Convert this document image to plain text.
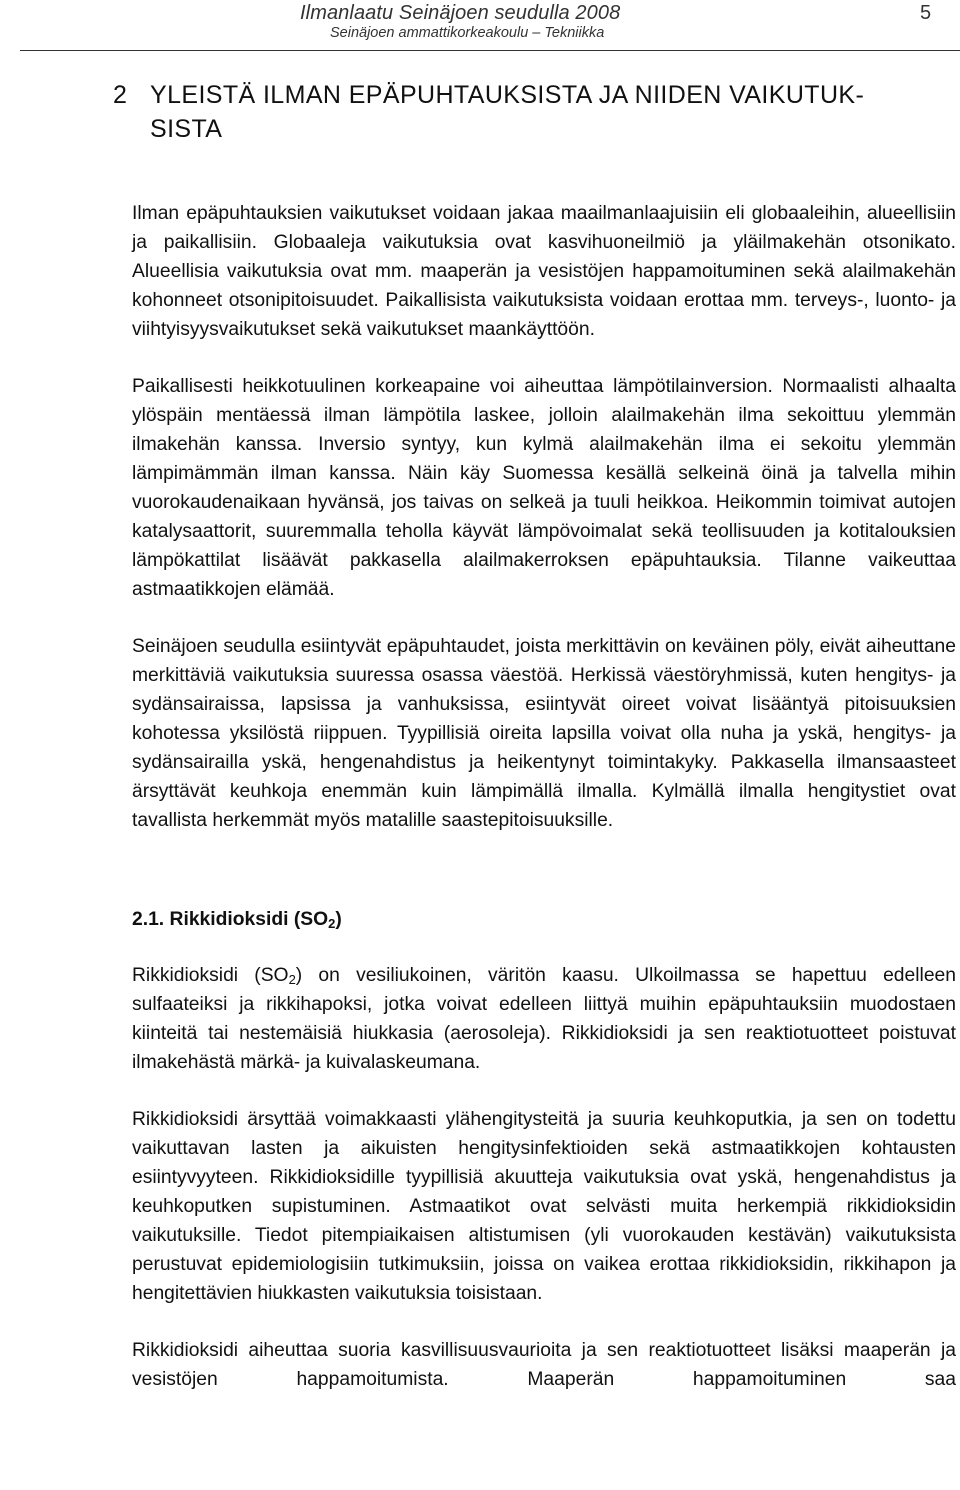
Ilmanlaatu Seinäjoen seudulla 2008
Seinäjoen ammattikorkeakoulu – Tekniikka
5
2 YLEISTÄ ILMAN EPÄPUHTAUKSISTA JA NIIDEN VAIKUTUK-
SISTA

Ilman epäpuhtauksien vaikutukset voidaan jakaa maailmanlaajuisiin eli globaaleihin, alueellisiin ja paikallisiin. Globaaleja vaikutuksia ovat kasvihuoneilmiö ja yläilmakehän otsonikato. Alueellisia vaikutuksia ovat mm. maaperän ja vesistöjen happamoituminen sekä alailmakehän kohonneet otsonipitoisuudet. Paikallisista vaikutuksista voidaan erottaa mm. terveys-, luonto- ja viihtyisyysvaikutukset sekä vaikutukset maankäyttöön.

Paikallisesti heikkotuulinen korkeapaine voi aiheuttaa lämpötilainversion. Normaalisti alhaalta ylöspäin mentäessä ilman lämpötila laskee, jolloin alailmakehän ilma sekoittuu ylemmän ilmakehän kanssa. Inversio syntyy, kun kylmä alailmakehän ilma ei sekoitu ylemmän lämpimämmän ilman kanssa. Näin käy Suomessa kesällä selkeinä öinä ja talvella mihin vuorokaudenaikaan hyvänsä, jos taivas on selkeä ja tuuli heikkoa. Heikommin toimivat autojen katalysaattorit, suuremmalla teholla käyvät lämpövoimalat sekä teollisuuden ja kotitalouksien lämpökattilat lisäävät pakkasella alailmakerroksen epäpuhtauksia. Tilanne vaikeuttaa astmaatikkojen elämää.

Seinäjoen seudulla esiintyvät epäpuhtaudet, joista merkittävin on keväinen pöly, eivät aiheuttane merkittäviä vaikutuksia suuressa osassa väestöä. Herkissä väestöryhmissä, kuten hengitys- ja sydänsairaissa, lapsissa ja vanhuksissa, esiintyvät oireet voivat lisääntyä pitoisuuksien kohotessa yksilöstä riippuen. Tyypillisiä oireita lapsilla voivat olla nuha ja yskä, hengitys- ja sydänsairailla yskä, hengenahdistus ja heikentynyt toimintakyky. Pakkasella ilmansaasteet ärsyttävät keuhkoja enemmän kuin lämpimällä ilmalla. Kylmällä ilmalla hengitystiet ovat tavallista herkemmät myös matalille saastepitoisuuksille.

2.1. Rikkidioksidi $(SO_2)$

Rikkidioksidi $(SO_2)$ on vesiliukoinen, väritön kaasu. Ulkoilmassa se hapettuu edelleen sulfaateiksi ja rikkihapoksi, jotka voivat edelleen liittyä muihin epäpuhtauksiin muodostaen kiinteitä tai nestemäisiä hiukkasia (aerosoleja). Rikkidioksidi ja sen reaktiotuotteet poistuvat ilmakehästä märkä- ja kuivalaskeumana.

Rikkidioksidi ärsyttää voimakkaasti ylähengitysteitä ja suuria keuhkoputkia, ja sen on todettu vaikuttavan lasten ja aikuisten hengitysinfektioiden sekä astmaatikkojen kohtausten esiintyvyyteen. Rikkidioksidille tyypillisiä akuutteja vaikutuksia ovat yskä, hengenahdistus ja keuhkoputken supistuminen. Astmaatikot ovat selvästi muita herkempiä rikkidioksidin vaikutuksille. Tiedot pitempiaikaisen altistumisen (yli vuorokauden kestävän) vaikutuksista perustuvat epidemiologisiin tutkimuksiin, joissa on vaikea erottaa rikkidioksidin, rikkihapon ja hengitettävien hiukkasten vaikutuksia toisistaan.

Rikkidioksidi aiheuttaa suoria kasvillisuusvaurioita ja sen reaktiotuotteet lisäksi maaperän ja vesistöjen happamoitumista. Maaperän happamoituminen saa
